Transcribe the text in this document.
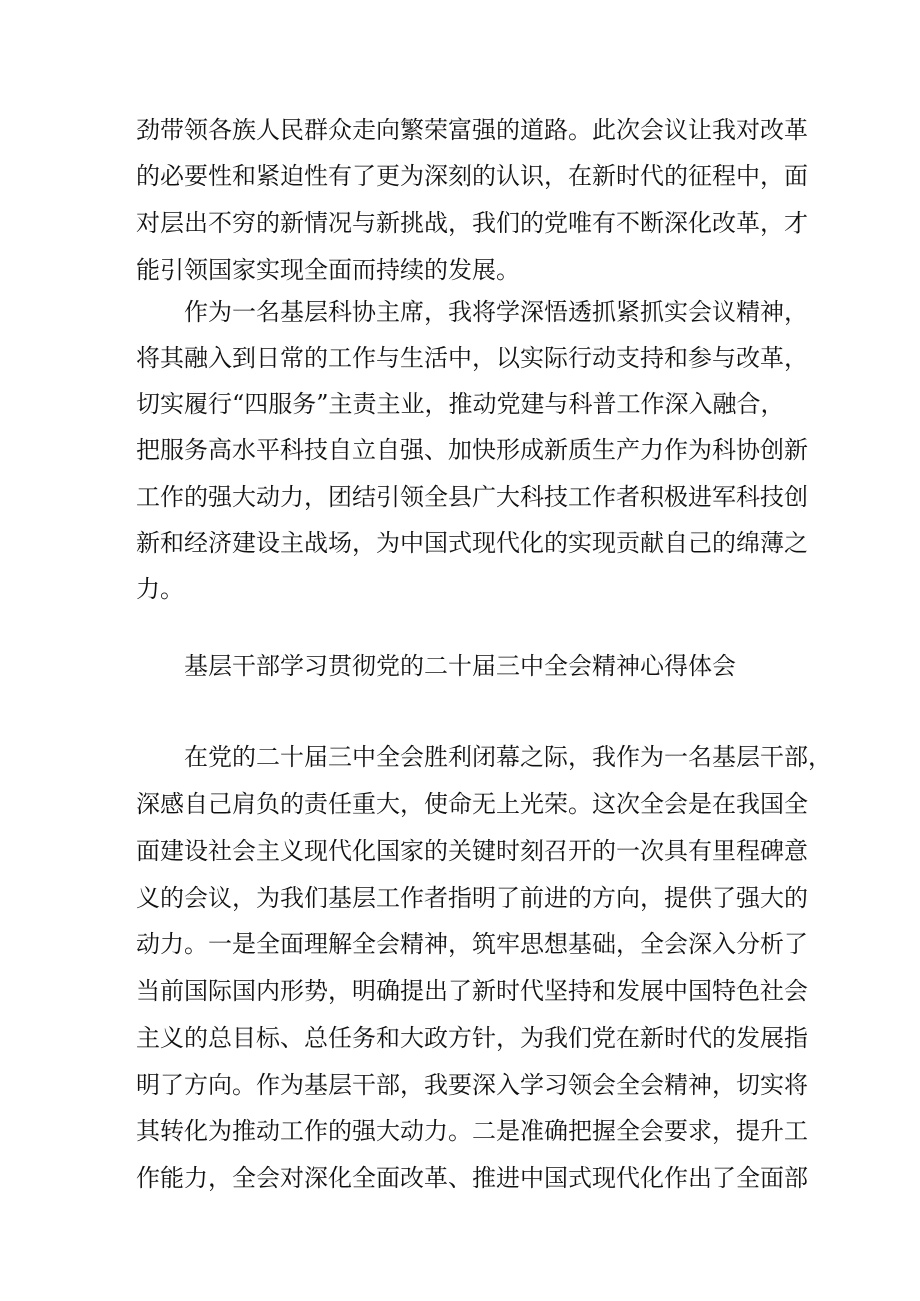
劲带领各族人民群众走向繁荣富强的道路。此次会议让我对改革
的必要性和紧迫性有了更为深刻的认识，在新时代的征程中，面
对层出不穷的新情况与新挑战，我们的党唯有不断深化改革，才
能引领国家实现全面而持续的发展。
作为一名基层科协主席，我将学深悟透抓紧抓实会议精神，
将其融入到日常的工作与生活中，以实际行动支持和参与改革，
切实履行“四服务”主责主业，推动党建与科普工作深入融合，
把服务高水平科技自立自强、加快形成新质生产力作为科协创新
工作的强大动力，团结引领全县广大科技工作者积极进军科技创
新和经济建设主战场，为中国式现代化的实现贡献自己的绵薄之
力。
基层干部学习贯彻党的二十届三中全会精神心得体会
在党的二十届三中全会胜利闭幕之际，我作为一名基层干部，
深感自己肩负的责任重大，使命无上光荣。这次全会是在我国全
面建设社会主义现代化国家的关键时刻召开的一次具有里程碑意
义的会议，为我们基层工作者指明了前进的方向，提供了强大的
动力。一是全面理解全会精神，筑牢思想基础，全会深入分析了
当前国际国内形势，明确提出了新时代坚持和发展中国特色社会
主义的总目标、总任务和大政方针，为我们党在新时代的发展指
明了方向。作为基层干部，我要深入学习领会全会精神，切实将
其转化为推动工作的强大动力。二是准确把握全会要求，提升工
作能力，全会对深化全面改革、推进中国式现代化作出了全面部
